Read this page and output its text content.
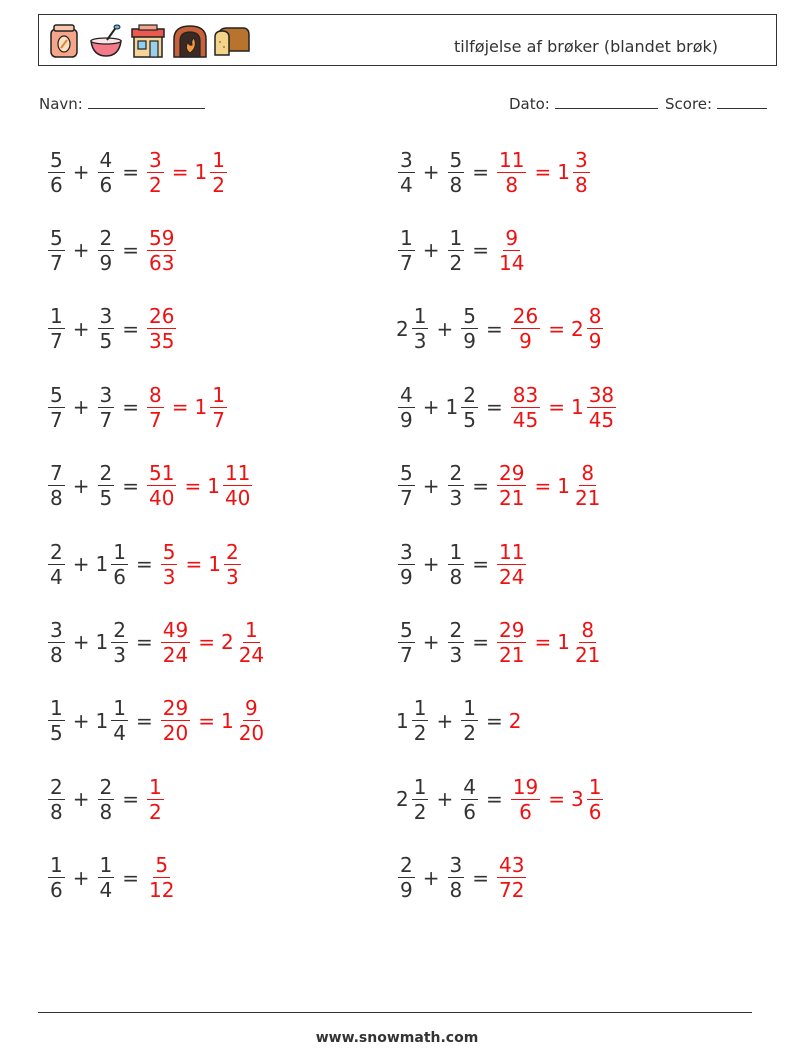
tilføjelse af brøker (blandet brøk)
Navn:	Dato:	Score:
$\frac{5}{6} + \frac{4}{6} = \frac{3}{2} = 1 \frac{1}{2}$	$\frac{3}{4} + \frac{5}{8} = \frac{11}{8} = 1 \frac{3}{8}$
$\frac{5}{7} + \frac{2}{9} = \frac{59}{63}$	$\frac{1}{7} + \frac{1}{2} = \frac{9}{14}$
$\frac{1}{7} + \frac{3}{5} = \frac{26}{35}$	$2 \frac{1}{3} + \frac{5}{9} = \frac{26}{9} = 2 \frac{8}{9}$
$\frac{5}{7} + \frac{3}{7} = \frac{8}{7} = 1 \frac{1}{7}$	$\frac{4}{9} + 1 \frac{2}{5} = \frac{83}{45} = 1 \frac{38}{45}$
$\frac{7}{8} + \frac{2}{5} = \frac{51}{40} = 1 \frac{11}{40}$	$\frac{5}{7} + \frac{2}{3} = \frac{29}{21} = 1 \frac{8}{21}$
$\frac{2}{4} + 1 \frac{1}{6} = \frac{5}{3} = 1 \frac{2}{3}$	$\frac{3}{9} + \frac{1}{8} = \frac{11}{24}$
$\frac{3}{8} + 1 \frac{2}{3} = \frac{49}{24} = 2 \frac{1}{24}$	$\frac{5}{7} + \frac{2}{3} = \frac{29}{21} = 1 \frac{8}{21}$
$\frac{1}{5} + 1 \frac{1}{4} = \frac{29}{20} = 1 \frac{9}{20}$	$1 \frac{1}{2} + \frac{1}{2} = 2$
$\frac{2}{8} + \frac{2}{8} = \frac{1}{2}$	$2 \frac{1}{2} + \frac{4}{6} = \frac{19}{6} = 3 \frac{1}{6}$
$\frac{1}{6} + \frac{1}{4} = \frac{5}{12}$	$\frac{2}{9} + \frac{3}{8} = \frac{43}{72}$
www.snowmath.com
